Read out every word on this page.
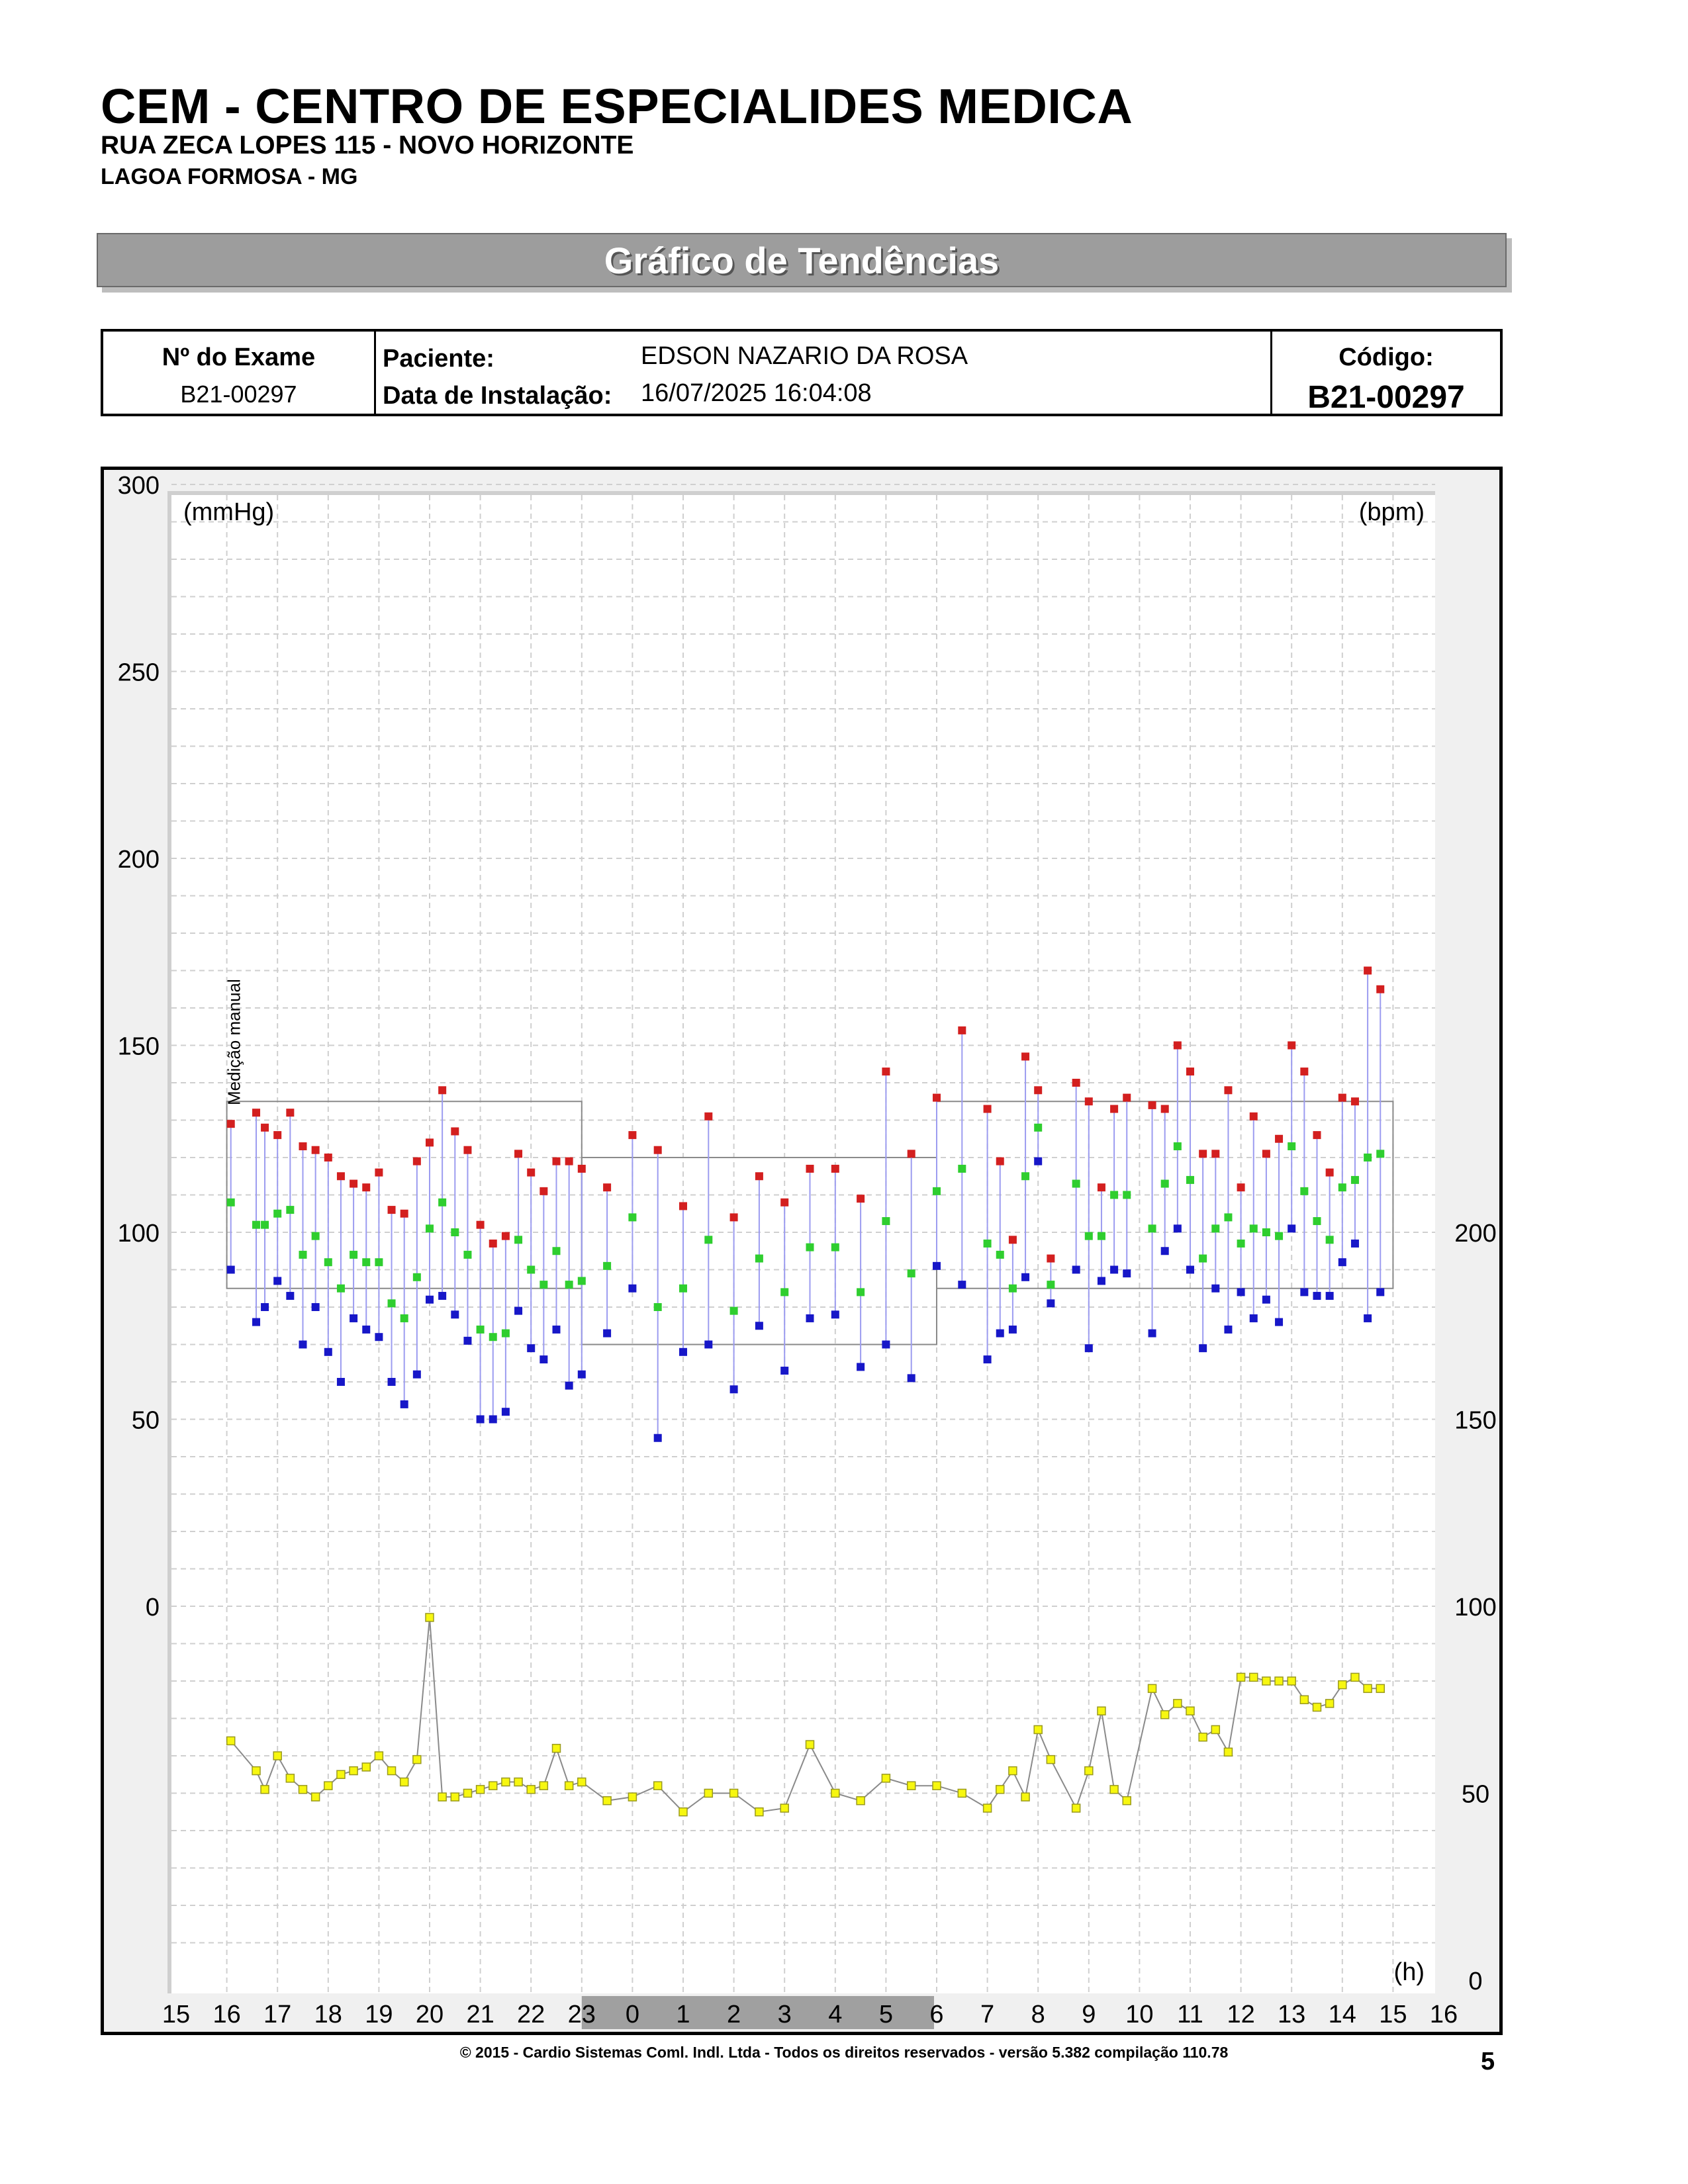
CEM - CENTRO DE ESPECIALIDES MEDICA
RUA ZECA LOPES 115 - NOVO HORIZONTE
LAGOA FORMOSA - MG
Gráfico de Tendências
Nº do Exame
B21-00297
Paciente:	EDSON NAZARIO DA ROSA
Data de Instalação: 16/07/2025 16:04:08
Código:
B21-00297
300
250
200
150
100
50
0
200
150
100
50
0
15 16 17 18 19 20 21 22 23 0 1 2 3 4 5 6 7 8 9 10 11 12 13 14 15 16
(mmHg)	(bpm)
(h)
Medição manual
© 2015 - Cardio Sistemas Coml. Indl. Ltda - Todos os direitos reservados - versão 5.382 compilação 110.78	5
